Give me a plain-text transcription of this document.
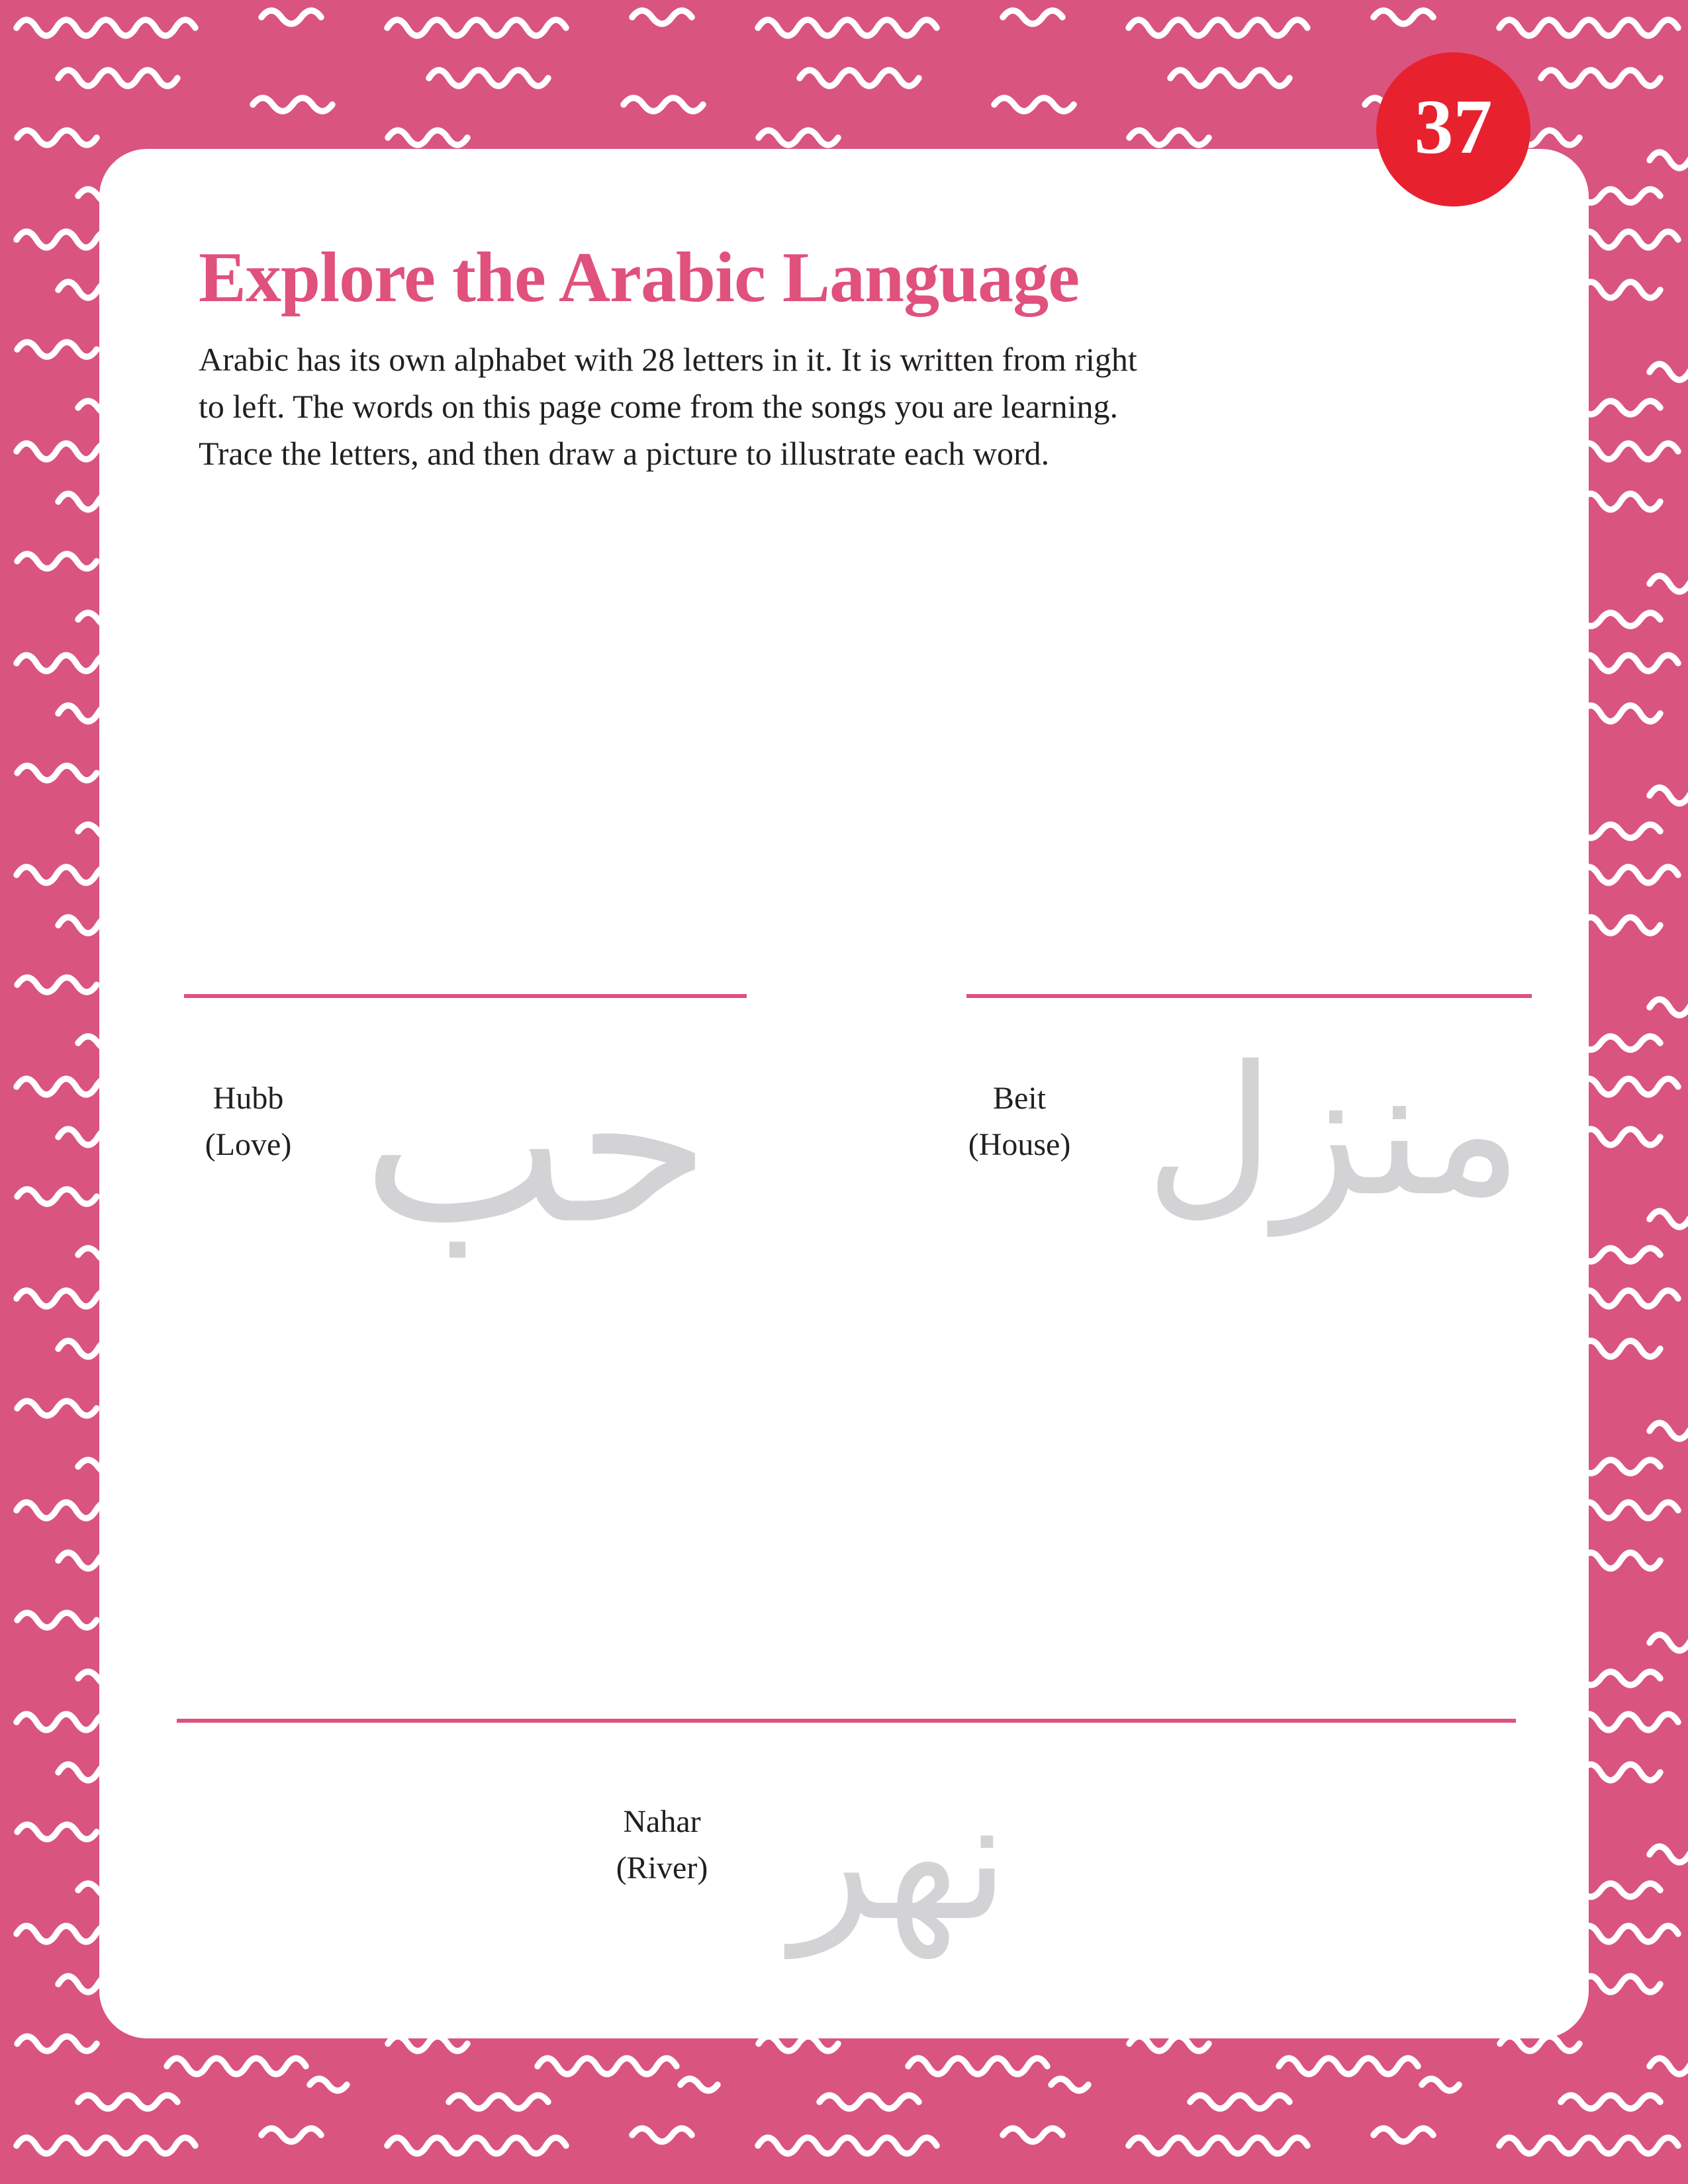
37
Explore the Arabic Language
Arabic has its own alphabet with 28 letters in it. It is written from right
to left. The words on this page come from the songs you are learning.
Trace the letters, and then draw a picture to illustrate each word.
Hubb
(Love) حب	Beit
(House) منزل
Nahar
(River) نهر
